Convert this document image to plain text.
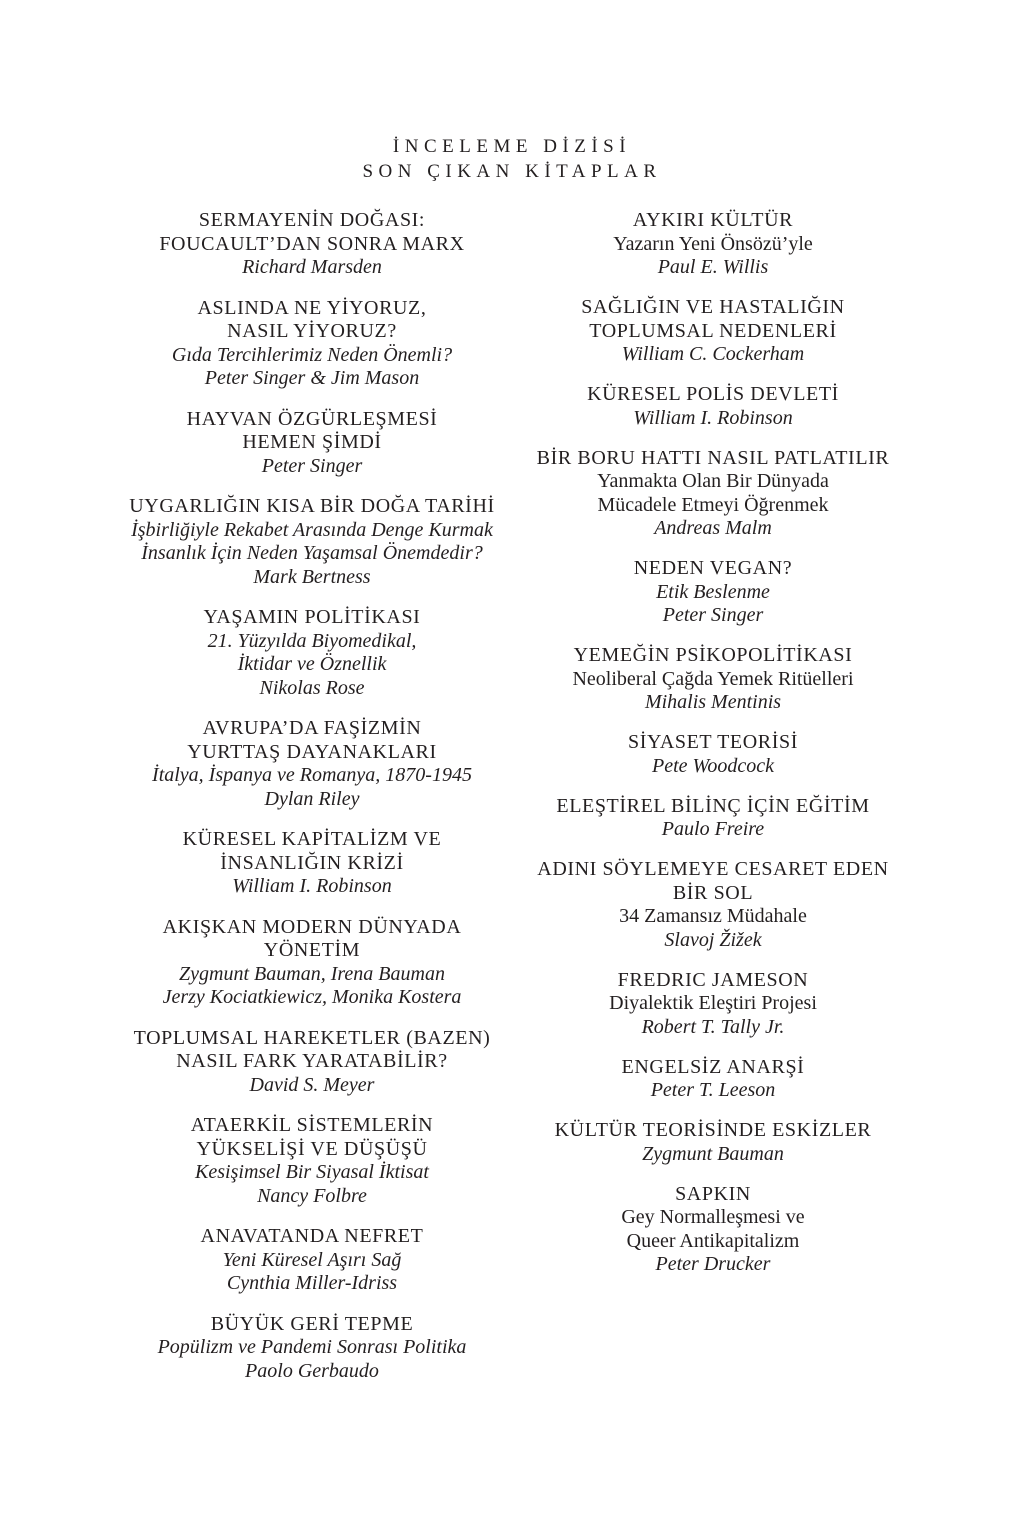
İNCELEME DİZİSİ
SON ÇIKAN KİTAPLAR
SERMAYENİN DOĞASI:
FOUCAULT’DAN SONRA MARX
Richard Marsden
ASLINDA NE YİYORUZ,
NASIL YİYORUZ?
Gıda Tercihlerimiz Neden Önemli?
Peter Singer & Jim Mason
HAYVAN ÖZGÜRLEŞMESİ
HEMEN ŞİMDİ
Peter Singer
UYGARLIĞIN KISA BİR DOĞA TARİHİ
İşbirliğiyle Rekabet Arasında Denge Kurmak
İnsanlık İçin Neden Yaşamsal Önemdedir?
Mark Bertness
YAŞAMIN POLİTİKASI
21. Yüzyılda Biyomedikal,
İktidar ve Öznellik
Nikolas Rose
AVRUPA’DA FAŞİZMİN
YURTTAŞ DAYANAKLARI
İtalya, İspanya ve Romanya, 1870-1945
Dylan Riley
KÜRESEL KAPİTALİZM VE
İNSANLIĞIN KRİZİ
William I. Robinson
AKIŞKAN MODERN DÜNYADA
YÖNETİM
Zygmunt Bauman, Irena Bauman
Jerzy Kociatkiewicz, Monika Kostera
TOPLUMSAL HAREKETLER (BAZEN)
NASIL FARK YARATABİLİR?
David S. Meyer
ATAERKİL SİSTEMLERİN
YÜKSELİŞİ VE DÜŞÜŞÜ
Kesişimsel Bir Siyasal İktisat
Nancy Folbre
ANAVATANDA NEFRET
Yeni Küresel Aşırı Sağ
Cynthia Miller-Idriss
BÜYÜK GERİ TEPME
Popülizm ve Pandemi Sonrası Politika
Paolo Gerbaudo
AYKIRI KÜLTÜR
Yazarın Yeni Önsözü’yle
Paul E. Willis
SAĞLIĞIN VE HASTALIĞIN
TOPLUMSAL NEDENLERİ
William C. Cockerham
KÜRESEL POLİS DEVLETİ
William I. Robinson
BİR BORU HATTI NASIL PATLATILIR
Yanmakta Olan Bir Dünyada
Mücadele Etmeyi Öğrenmek
Andreas Malm
NEDEN VEGAN?
Etik Beslenme
Peter Singer
YEMEĞİN PSİKOPOLİTİKASI
Neoliberal Çağda Yemek Ritüelleri
Mihalis Mentinis
SİYASET TEORİSİ
Pete Woodcock
ELEŞTİREL BİLİNÇ İÇİN EĞİTİM
Paulo Freire
ADINI SÖYLEMEYE CESARET EDEN
BİR SOL
34 Zamansız Müdahale
Slavoj Žižek
FREDRIC JAMESON
Diyalektik Eleştiri Projesi
Robert T. Tally Jr.
ENGELSİZ ANARŞİ
Peter T. Leeson
KÜLTÜR TEORİSİNDE ESKİZLER
Zygmunt Bauman
SAPKIN
Gey Normalleşmesi ve
Queer Antikapitalizm
Peter Drucker
